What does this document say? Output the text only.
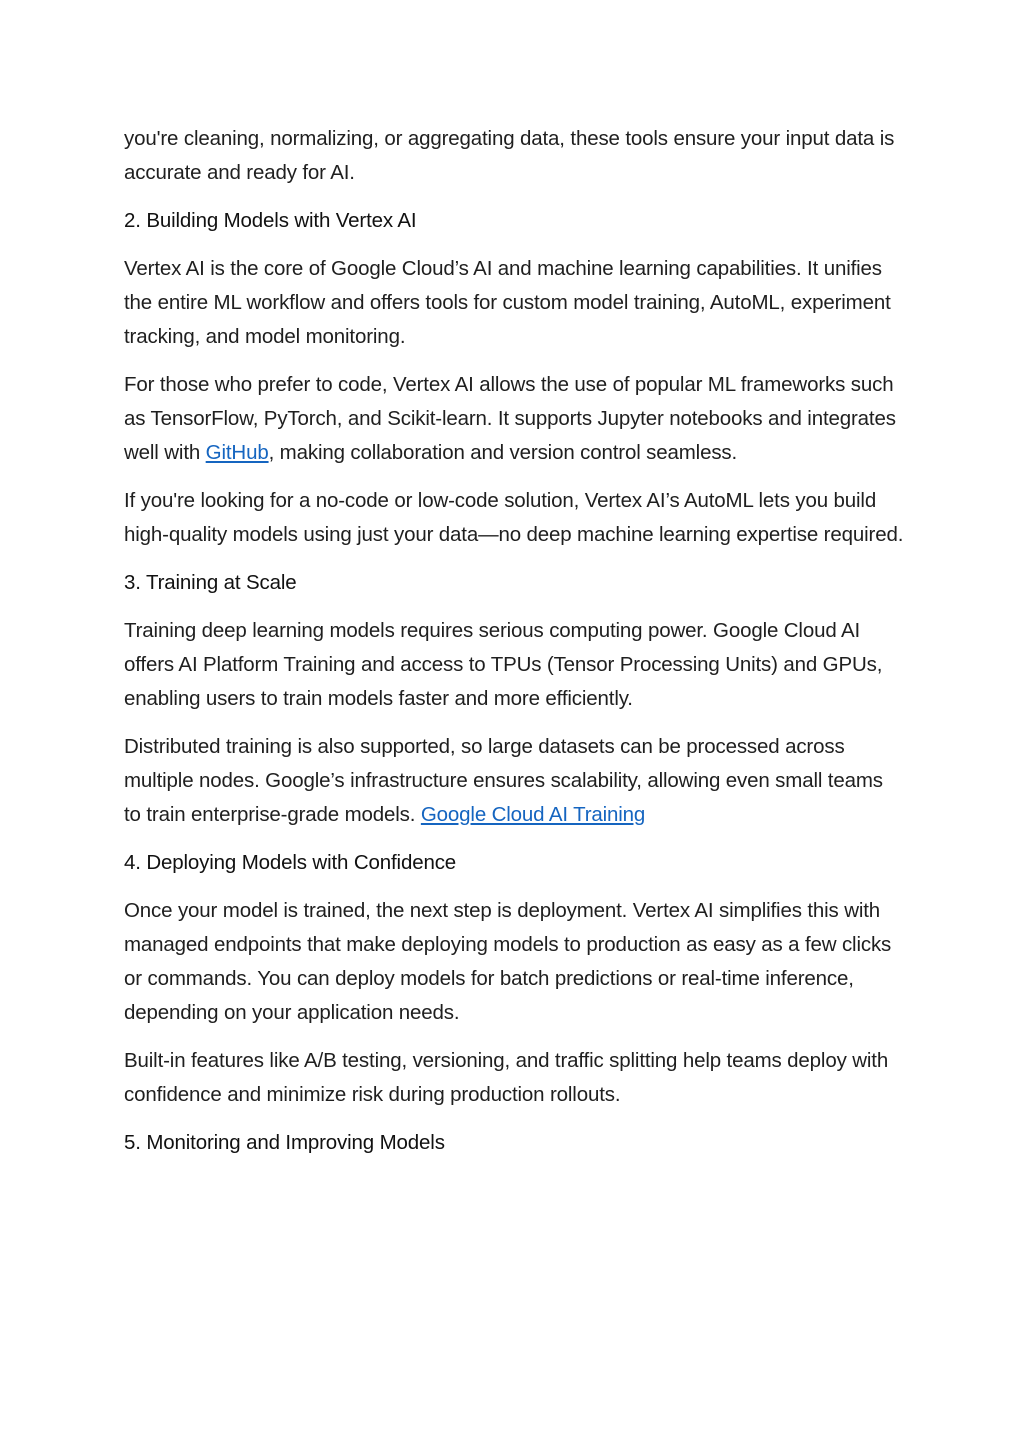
you're cleaning, normalizing, or aggregating data, these tools ensure your input data is accurate and ready for AI.

2. Building Models with Vertex AI

Vertex AI is the core of Google Cloud’s AI and machine learning capabilities. It unifies the entire ML workflow and offers tools for custom model training, AutoML, experiment tracking, and model monitoring.

For those who prefer to code, Vertex AI allows the use of popular ML frameworks such as TensorFlow, PyTorch, and Scikit-learn. It supports Jupyter notebooks and integrates well with GitHub, making collaboration and version control seamless.

If you're looking for a no-code or low-code solution, Vertex AI’s AutoML lets you build high-quality models using just your data—no deep machine learning expertise required.

3. Training at Scale

Training deep learning models requires serious computing power. Google Cloud AI offers AI Platform Training and access to TPUs (Tensor Processing Units) and GPUs, enabling users to train models faster and more efficiently.

Distributed training is also supported, so large datasets can be processed across multiple nodes. Google’s infrastructure ensures scalability, allowing even small teams to train enterprise-grade models. Google Cloud AI Training

4. Deploying Models with Confidence

Once your model is trained, the next step is deployment. Vertex AI simplifies this with managed endpoints that make deploying models to production as easy as a few clicks or commands. You can deploy models for batch predictions or real-time inference, depending on your application needs.

Built-in features like A/B testing, versioning, and traffic splitting help teams deploy with confidence and minimize risk during production rollouts.

5. Monitoring and Improving Models
